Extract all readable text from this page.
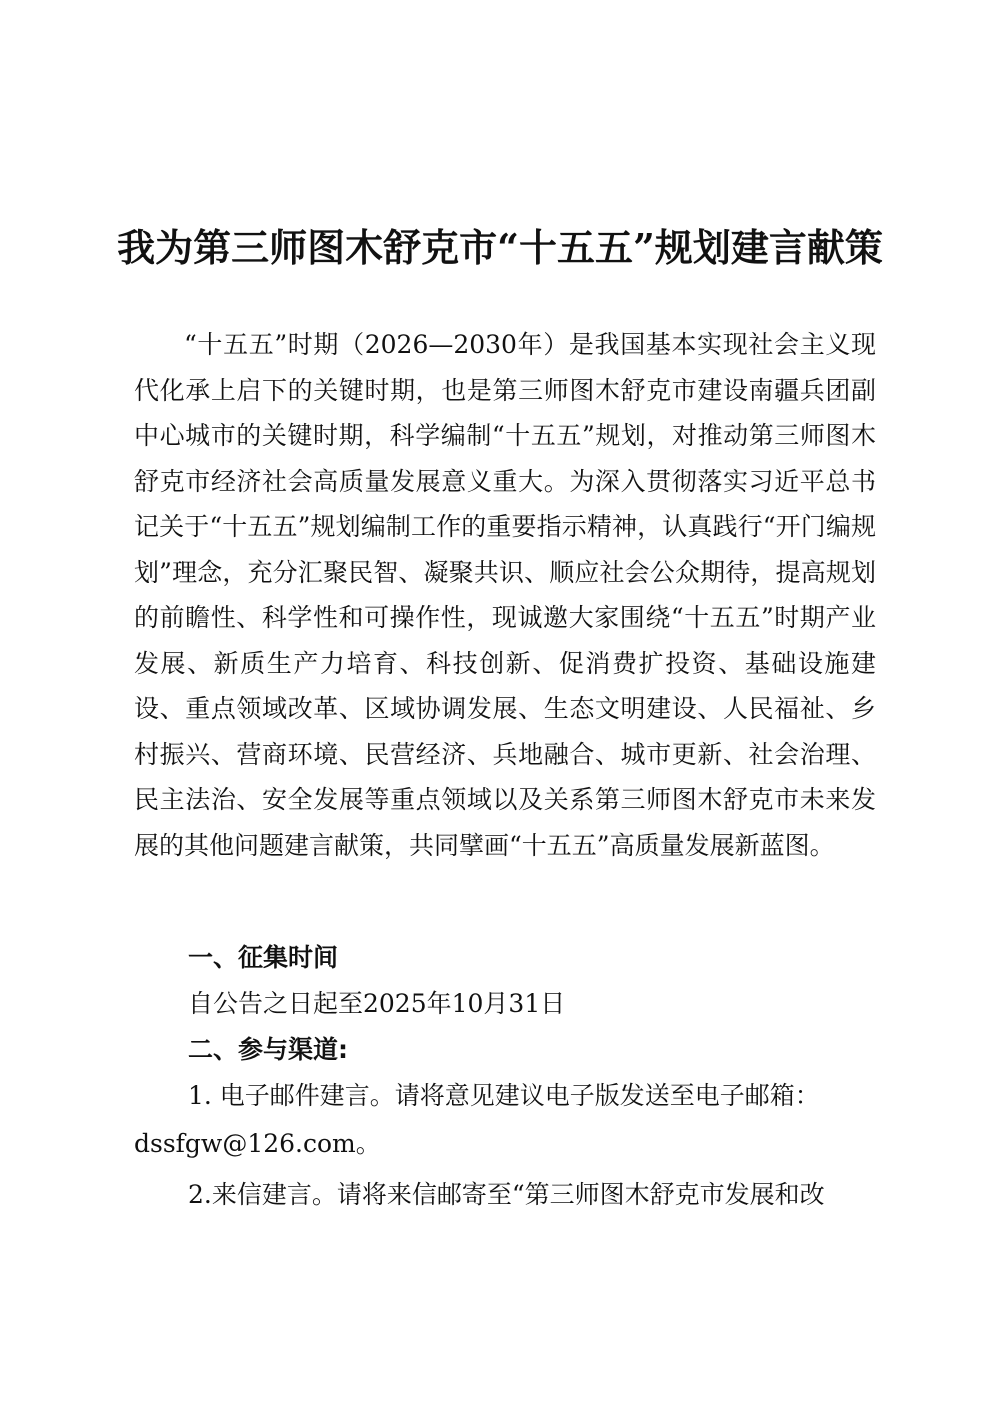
我为第三师图木舒克市“十五五”规划建言献策
“十五五”时期（2026—2030年）是我国基本实现社会主义现代化承上启下的关键时期，也是第三师图木舒克市建设南疆兵团副中心城市的关键时期，科学编制“十五五”规划，对推动第三师图木舒克市经济社会高质量发展意义重大。为深入贯彻落实习近平总书记关于“十五五”规划编制工作的重要指示精神，认真践行“开门编规划”理念，充分汇聚民智、凝聚共识、顺应社会公众期待，提高规划的前瞻性、科学性和可操作性，现诚邀大家围绕“十五五”时期产业发展、新质生产力培育、科技创新、促消费扩投资、基础设施建设、重点领域改革、区域协调发展、生态文明建设、人民福祉、乡村振兴、营商环境、民营经济、兵地融合、城市更新、社会治理、民主法治、安全发展等重点领域以及关系第三师图木舒克市未来发展的其他问题建言献策，共同擘画“十五五”高质量发展新蓝图。
一、征集时间
自公告之日起至2025年10月31日
二、参与渠道:
1. 电子邮件建言。请将意见建议电子版发送至电子邮箱：
dssfgw@126.com。
2.来信建言。请将来信邮寄至“第三师图木舒克市发展和改
